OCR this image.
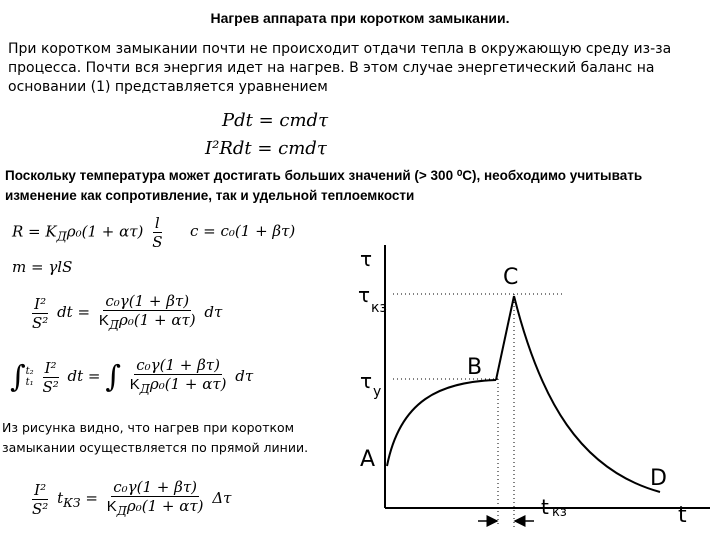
Нагрев аппарата при коротком замыкании.
При коротком замыкании почти не происходит отдачи тепла в окружающую среду из-за процесса. Почти вся энергия идет на нагрев. В этом случае энергетический баланс на основании (1) представляется уравнением
Pdt = cmdτ
I²Rdt = cmdτ
Поскольку температура может достигать больших значений (> 300 ⁰C), необходимо учитывать изменение как сопротивление, так и удельной теплоемкости
$R = K_Д\rho_0(1 + \alpha\tau) \frac{l}{S}$ c = c₀(1 + βτ)
m = γlS
$\frac{\text{I²}}{\text{S²}}$ dt = $\frac{\text{c₀γ(1 + βτ)}}{K_Д\rho_0(1 + \alpha\tau)}$ dτ
∫ t₂
t₁
$\frac{\text{I²}}{\text{S²}}$ dt = ∫ $\frac{\text{c₀γ(1 + βτ)}}{K_Д\rho_0(1 + \alpha\tau)}$ dτ
Из рисунка видно, что нагрев при коротком замыкании осуществляется по прямой линии.
$\frac{\text{I²}}{\text{S²}} t_{КЗ} = \frac{\text{c₀γ(1 + βτ)}}{K_Д\rho_0(1 + \alpha\tau)}$ Δτ
τ
τ
кз
τ у
A
B
C
D
t
t кз
